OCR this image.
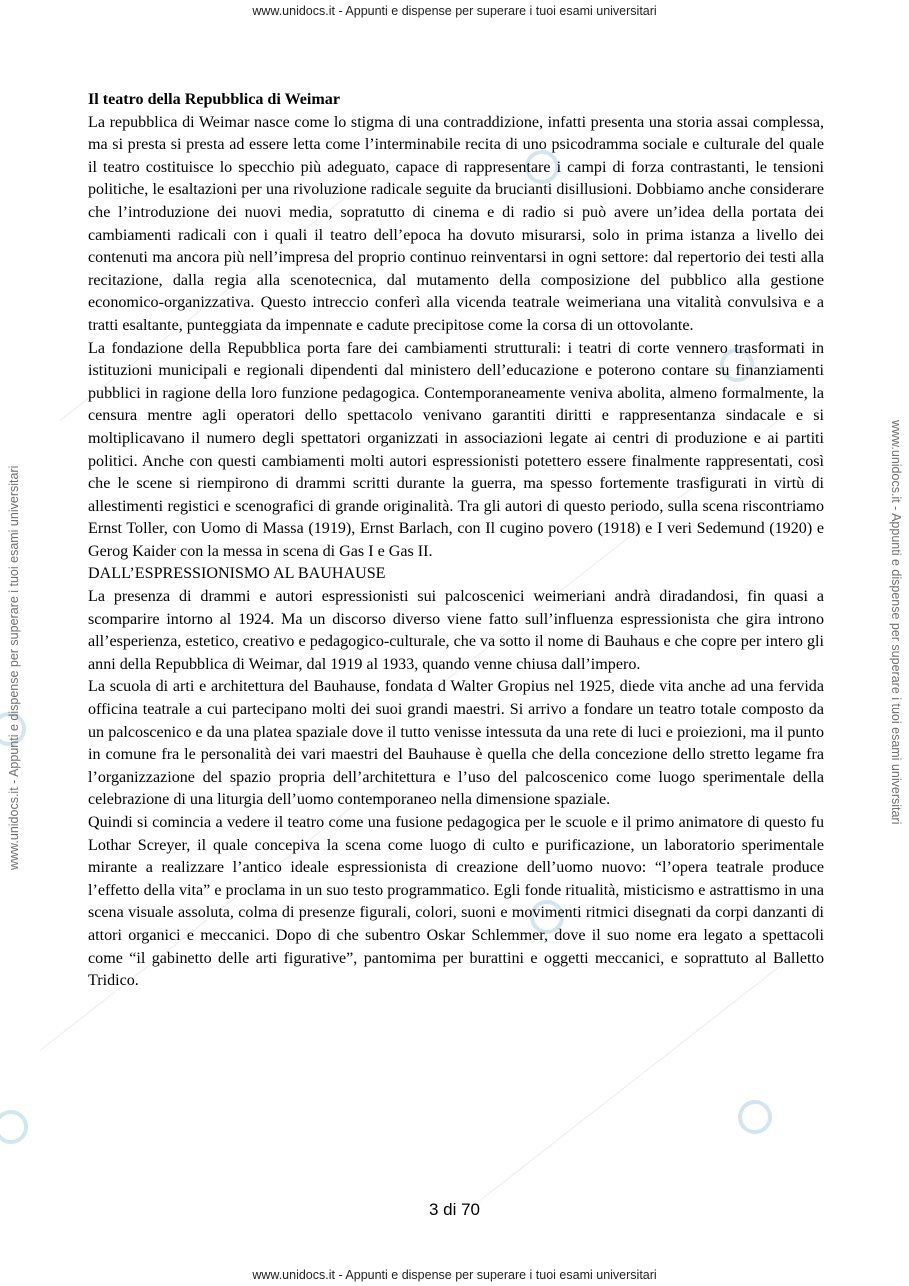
www.unidocs.it - Appunti e dispense per superare i tuoi esami universitari
www.unidocs.it - Appunti e dispense per superare i tuoi esami universitari	www.unidocs.it - Appunti e dispense per superare i tuoi esami universitari

Il teatro della Repubblica di Weimar

La repubblica di Weimar nasce come lo stigma di una contraddizione, infatti presenta una storia assai complessa, ma si presta si presta ad essere letta come l’interminabile recita di uno psicodramma sociale e culturale del quale il teatro costituisce lo specchio più adeguato, capace di rappresentare i campi di forza contrastanti, le tensioni politiche, le esaltazioni per una rivoluzione radicale seguite da brucianti disillusioni. Dobbiamo anche considerare che l’introduzione dei nuovi media, sopratutto di cinema e di radio si può avere un’idea della portata dei cambiamenti radicali con i quali il teatro dell’epoca ha dovuto misurarsi, solo in prima istanza a livello dei contenuti ma ancora più nell’impresa del proprio continuo reinventarsi in ogni settore: dal repertorio dei testi alla recitazione, dalla regia alla scenotecnica, dal mutamento della composizione del pubblico alla gestione economico-organizzativa. Questo intreccio conferì alla vicenda teatrale weimeriana una vitalità convulsiva e a tratti esaltante, punteggiata da impennate e cadute precipitose come la corsa di un ottovolante.

La fondazione della Repubblica porta fare dei cambiamenti strutturali: i teatri di corte vennero trasformati in istituzioni municipali e regionali dipendenti dal ministero dell’educazione e poterono contare su finanziamenti pubblici in ragione della loro funzione pedagogica. Contemporaneamente veniva abolita, almeno formalmente, la censura mentre agli operatori dello spettacolo venivano garantiti diritti e rappresentanza sindacale e si moltiplicavano il numero degli spettatori organizzati in associazioni legate ai centri di produzione e ai partiti politici. Anche con questi cambiamenti molti autori espressionisti potettero essere finalmente rappresentati, così che le scene si riempirono di drammi scritti durante la guerra, ma spesso fortemente trasfigurati in virtù di allestimenti registici e scenografici di grande originalità. Tra gli autori di questo periodo, sulla scena riscontriamo Ernst Toller, con Uomo di Massa (1919), Ernst Barlach, con Il cugino povero (1918) e I veri Sedemund (1920) e Gerog Kaider con la messa in scena di Gas I e Gas II.

DALL’ESPRESSIONISMO AL BAUHAUSE

La presenza di drammi e autori espressionisti sui palcoscenici weimeriani andrà diradandosi, fin quasi a scomparire intorno al 1924. Ma un discorso diverso viene fatto sull’influenza espressionista che gira introno all’esperienza, estetico, creativo e pedagogico-culturale, che va sotto il nome di Bauhaus e che copre per intero gli anni della Repubblica di Weimar, dal 1919 al 1933, quando venne chiusa dall’impero.

La scuola di arti e architettura del Bauhause, fondata d Walter Gropius nel 1925, diede vita anche ad una fervida officina teatrale a cui partecipano molti dei suoi grandi maestri. Si arrivo a fondare un teatro totale composto da un palcoscenico e da una platea spaziale dove il tutto venisse intessuta da una rete di luci e proiezioni, ma il punto in comune fra le personalità dei vari maestri del Bauhause è quella che della concezione dello stretto legame fra l’organizzazione del spazio propria dell’architettura e l’uso del palcoscenico come luogo sperimentale della celebrazione di una liturgia dell’uomo contemporaneo nella dimensione spaziale.

Quindi si comincia a vedere il teatro come una fusione pedagogica per le scuole e il primo animatore di questo fu Lothar Screyer, il quale concepiva la scena come luogo di culto e purificazione, un laboratorio sperimentale mirante a realizzare l’antico ideale espressionista di creazione dell’uomo nuovo: “l’opera teatrale produce l’effetto della vita” e proclama in un suo testo programmatico. Egli fonde ritualità, misticismo e astrattismo in una scena visuale assoluta, colma di presenze figurali, colori, suoni e movimenti ritmici disegnati da corpi danzanti di attori organici e meccanici. Dopo di che subentro Oskar Schlemmer, dove il suo nome era legato a spettacoli come “il gabinetto delle arti figurative”, pantomima per burattini e oggetti meccanici, e soprattuto al Balletto Tridico.

3 di 70
www.unidocs.it - Appunti e dispense per superare i tuoi esami universitari
